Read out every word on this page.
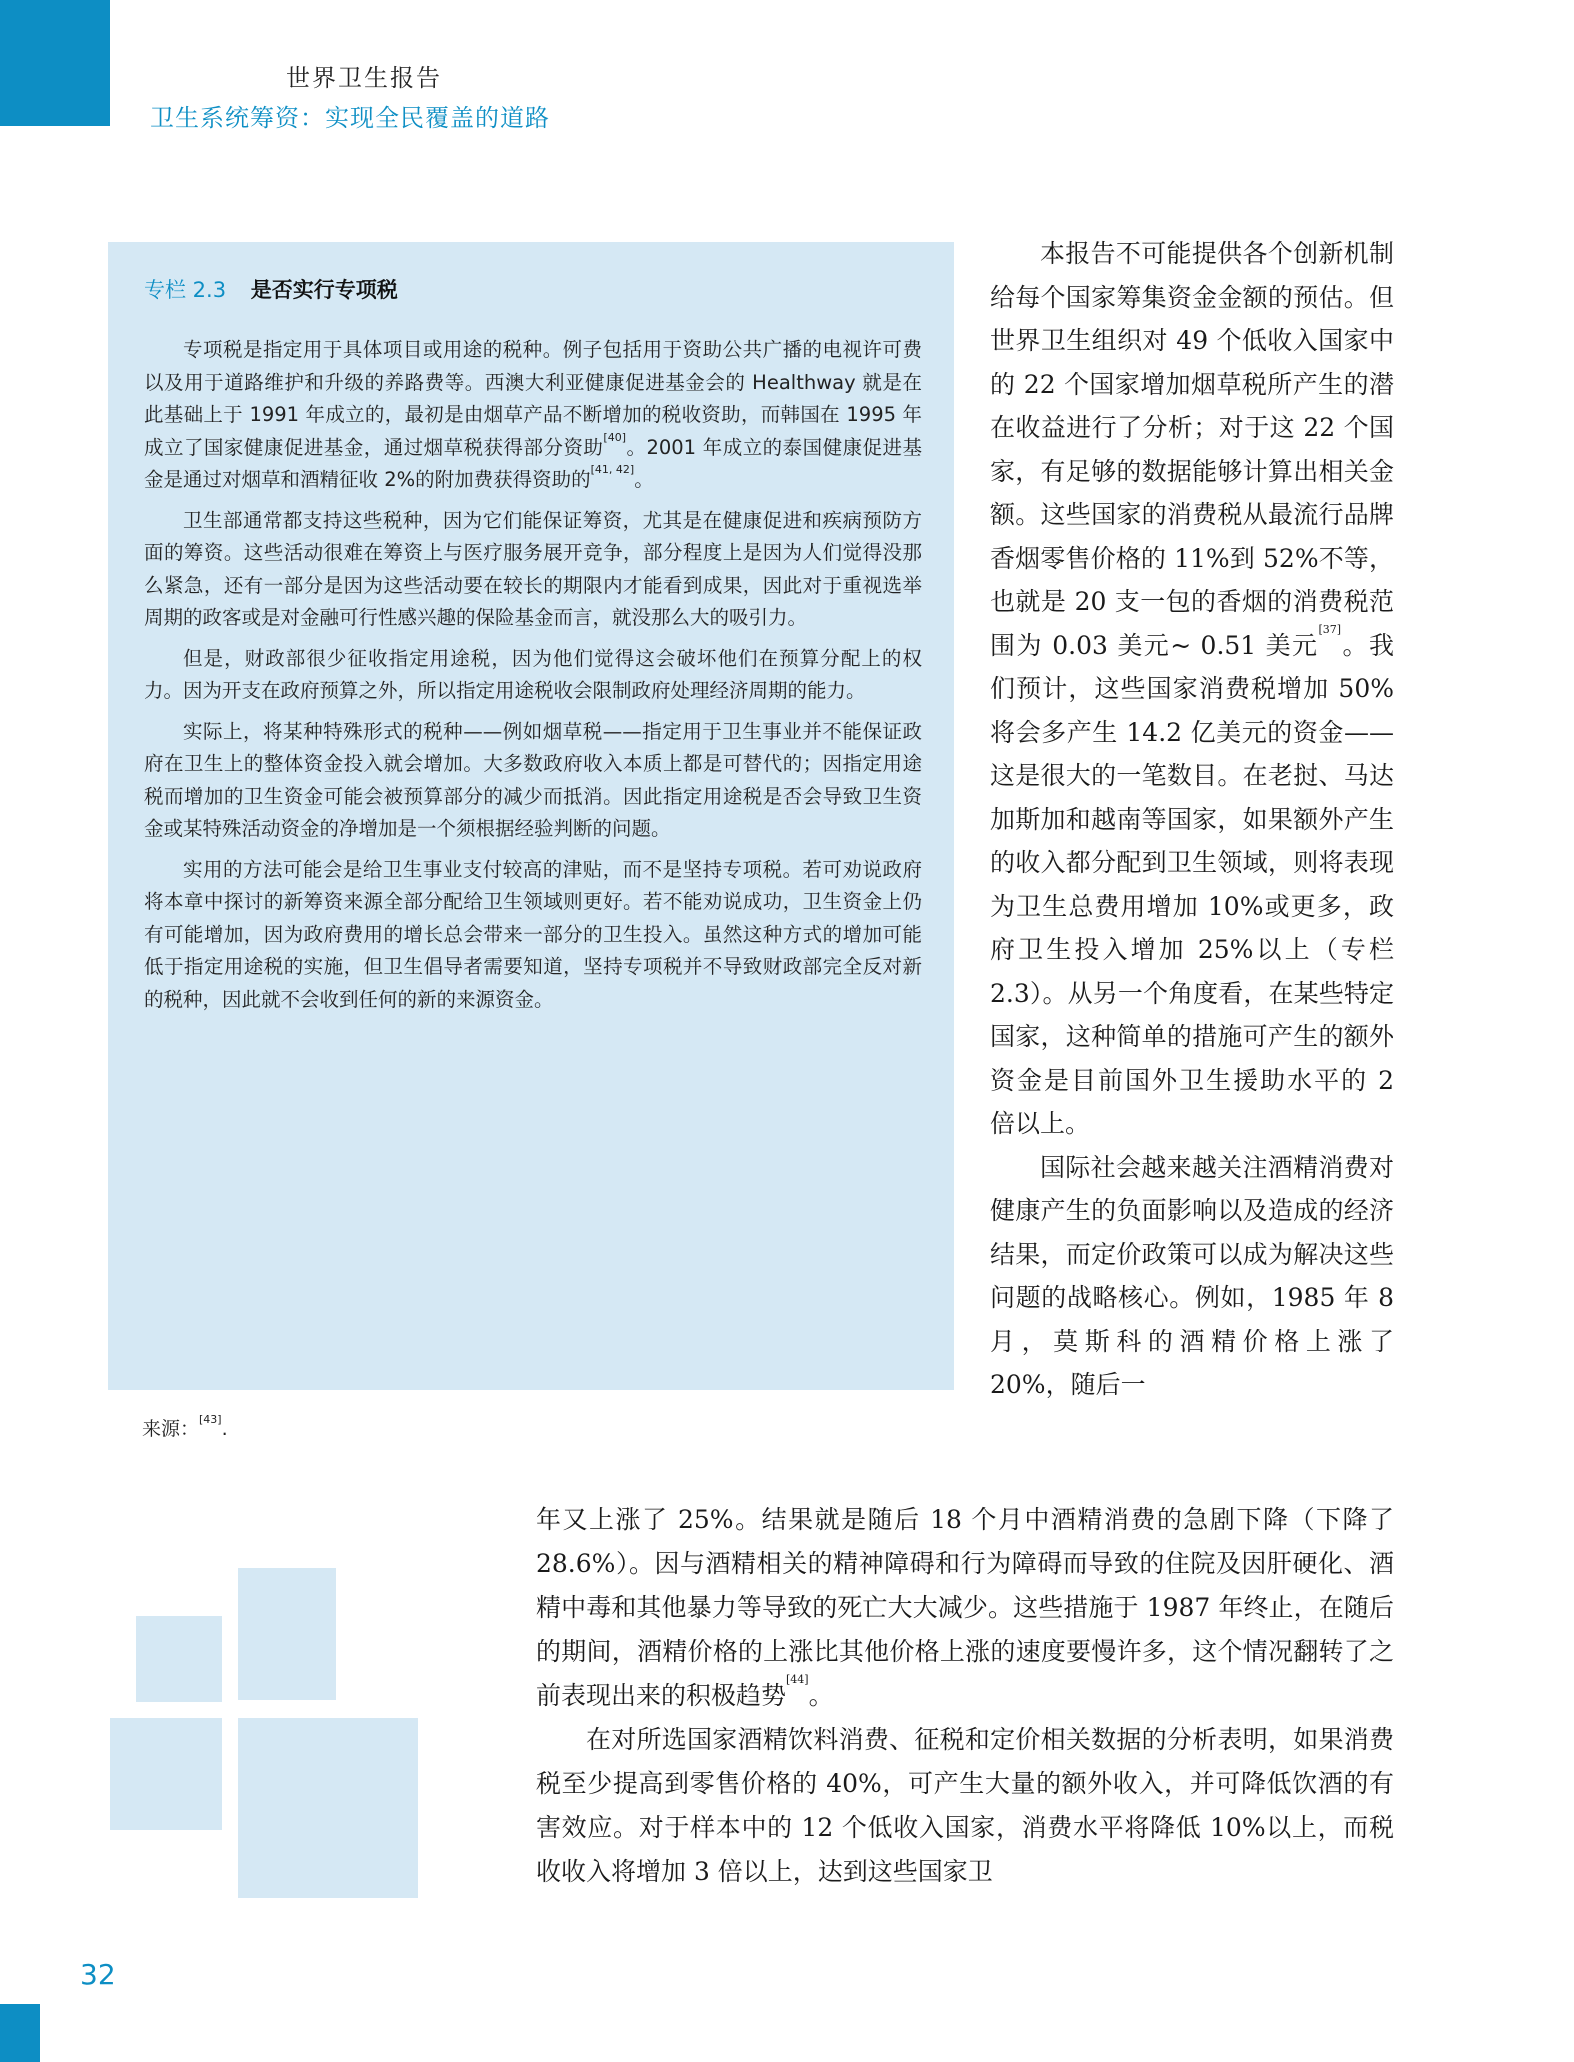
世界卫生报告
卫生系统筹资：实现全民覆盖的道路
专栏 2.3 是否实行专项税

专项税是指定用于具体项目或用途的税种。例子包括用于资助公共广播的电视许可费以及用于道路维护和升级的养路费等。西澳大利亚健康促进基金会的 Healthway 就是在此基础上于 1991 年成立的，最初是由烟草产品不断增加的税收资助，而韩国在 1995 年成立了国家健康促进基金，通过烟草税获得部分资助[40]。2001 年成立的泰国健康促进基金是通过对烟草和酒精征收 2%的附加费获得资助的[41, 42]。

卫生部通常都支持这些税种，因为它们能保证筹资，尤其是在健康促进和疾病预防方面的筹资。这些活动很难在筹资上与医疗服务展开竞争，部分程度上是因为人们觉得没那么紧急，还有一部分是因为这些活动要在较长的期限内才能看到成果，因此对于重视选举周期的政客或是对金融可行性感兴趣的保险基金而言，就没那么大的吸引力。

但是，财政部很少征收指定用途税，因为他们觉得这会破坏他们在预算分配上的权力。因为开支在政府预算之外，所以指定用途税收会限制政府处理经济周期的能力。

实际上，将某种特殊形式的税种——例如烟草税——指定用于卫生事业并不能保证政府在卫生上的整体资金投入就会增加。大多数政府收入本质上都是可替代的；因指定用途税而增加的卫生资金可能会被预算部分的减少而抵消。因此指定用途税是否会导致卫生资金或某特殊活动资金的净增加是一个须根据经验判断的问题。

实用的方法可能会是给卫生事业支付较高的津贴，而不是坚持专项税。若可劝说政府将本章中探讨的新筹资来源全部分配给卫生领域则更好。若不能劝说成功，卫生资金上仍有可能增加，因为政府费用的增长总会带来一部分的卫生投入。虽然这种方式的增加可能低于指定用途税的实施，但卫生倡导者需要知道，坚持专项税并不导致财政部完全反对新的税种，因此就不会收到任何的新的来源资金。

来源：[43].

本报告不可能提供各个创新机制给每个国家筹集资金金额的预估。但世界卫生组织对 49 个低收入国家中的 22 个国家增加烟草税所产生的潜在收益进行了分析；对于这 22 个国家，有足够的数据能够计算出相关金额。这些国家的消费税从最流行品牌香烟零售价格的 11%到 52%不等，也就是 20 支一包的香烟的消费税范围为 0.03 美元~ 0.51 美元[37]。我们预计，这些国家消费税增加 50%将会多产生 14.2 亿美元的资金——这是很大的一笔数目。在老挝、马达加斯加和越南等国家，如果额外产生的收入都分配到卫生领域，则将表现为卫生总费用增加 10%或更多，政府卫生投入增加 25%以上（专栏 2.3）。从另一个角度看，在某些特定国家，这种简单的措施可产生的额外资金是目前国外卫生援助水平的 2 倍以上。

国际社会越来越关注酒精消费对健康产生的负面影响以及造成的经济结果，而定价政策可以成为解决这些问题的战略核心。例如，1985 年 8 月，莫斯科的酒精价格上涨了 20%，随后一

年又上涨了 25%。结果就是随后 18 个月中酒精消费的急剧下降（下降了 28.6%）。因与酒精相关的精神障碍和行为障碍而导致的住院及因肝硬化、酒精中毒和其他暴力等导致的死亡大大减少。这些措施于 1987 年终止，在随后的期间，酒精价格的上涨比其他价格上涨的速度要慢许多，这个情况翻转了之前表现出来的积极趋势[44]。

在对所选国家酒精饮料消费、征税和定价相关数据的分析表明，如果消费税至少提高到零售价格的 40%，可产生大量的额外收入，并可降低饮酒的有害效应。对于样本中的 12 个低收入国家，消费水平将降低 10%以上，而税收收入将增加 3 倍以上，达到这些国家卫

32
